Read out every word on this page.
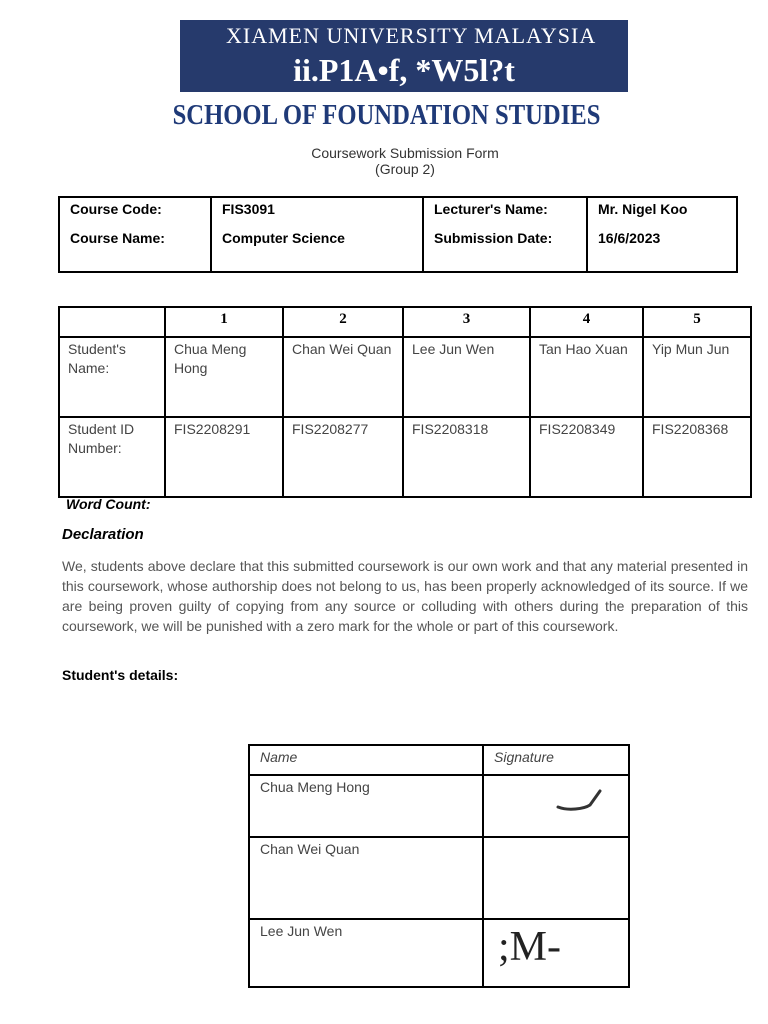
XIAMEN UNIVERSITY MALAYSIA
ii.P1A•f, *W5l?t
SCHOOL OF FOUNDATION STUDIES
Coursework Submission Form
(Group 2)
Course Code:	FIS3091	Lecturer's Name:	Mr. Nigel Koo
Course Name:	Computer Science	Submission Date:	16/6/2023
	1	2	3	4	5
Student's Name:	Chua Meng Hong	Chan Wei Quan	Lee Jun Wen	Tan Hao Xuan	Yip Mun Jun
Student ID Number:	FIS2208291	FIS2208277	FIS2208318	FIS2208349	FIS2208368
Word Count:
Declaration
We, students above declare that this submitted coursework is our own work and that any material presented in this coursework, whose authorship does not belong to us, has been properly acknowledged of its source. If we are being proven guilty of copying from any source or colluding with others during the preparation of this coursework, we will be punished with a zero mark for the whole or part of this coursework.
Student's details:
Name	Signature
Chua Meng Hong	

Chan Wei Quan	
Lee Jun Wen	;M-
